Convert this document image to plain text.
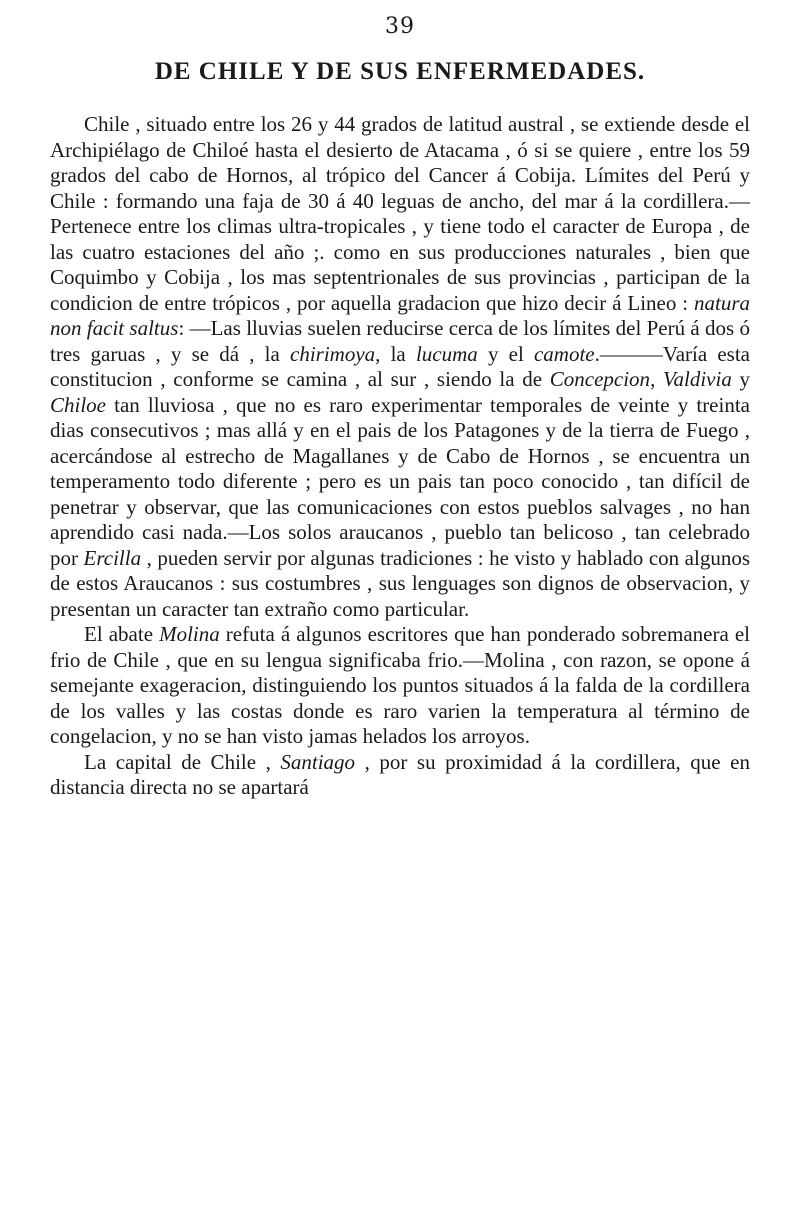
39
DE CHILE Y DE SUS ENFERMEDADES.

Chile , situado entre los 26 y 44 grados de latitud austral , se extiende desde el Archipiélago de Chiloé hasta el desierto de Atacama , ó si se quiere , entre los 59 grados del cabo de Hornos, al trópico del Cancer á Cobija. Límites del Perú y Chile : formando una faja de 30 á 40 leguas de ancho, del mar á la cordillera.—Pertenece entre los climas ultra-tropicales , y tiene todo el caracter de Europa , de las cuatro estaciones del año ;. como en sus producciones naturales , bien que Coquimbo y Cobija , los mas septentrionales de sus provincias , participan de la condicion de entre trópicos , por aquella gradacion que hizo decir á Lineo : natura non facit saltus: —Las lluvias suelen reducirse cerca de los límites del Perú á dos ó tres garuas , y se dá , la chirimoya, la lucuma y el camote.———Varía esta constitucion , conforme se camina , al sur , siendo la de Concepcion, Valdivia y Chiloe tan lluviosa , que no es raro experimentar temporales de veinte y treinta dias consecutivos ; mas allá y en el pais de los Patagones y de la tierra de Fuego , acercándose al estrecho de Magallanes y de Cabo de Hornos , se encuentra un temperamento todo diferente ; pero es un pais tan poco conocido , tan difícil de penetrar y observar, que las comunicaciones con estos pueblos salvages , no han aprendido casi nada.—Los solos araucanos , pueblo tan belicoso , tan celebrado por Ercilla , pueden servir por algunas tradiciones : he visto y hablado con algunos de estos Araucanos : sus costumbres , sus lenguages son dignos de observacion, y presentan un caracter tan extraño como particular.

El abate Molina refuta á algunos escritores que han ponderado sobremanera el frio de Chile , que en su lengua significaba frio.—Molina , con razon, se opone á semejante exageracion, distinguiendo los puntos situados á la falda de la cordillera de los valles y las costas donde es raro varien la temperatura al término de congelacion, y no se han visto jamas helados los arroyos.

La capital de Chile , Santiago , por su proximidad á la cordillera, que en distancia directa no se apartará
